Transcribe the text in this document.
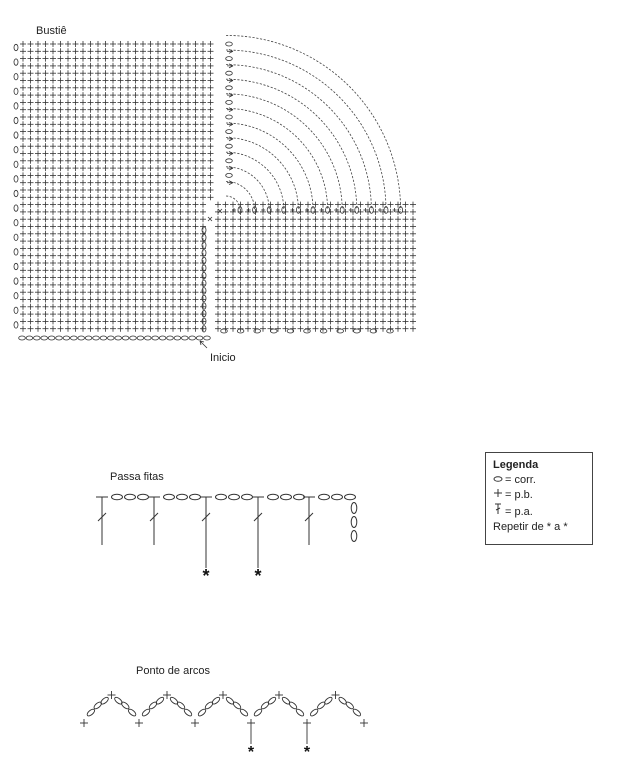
Bustiê
Inicio
Passa fitas
* *
Legenda
= corr.
= p.b.
= p.a.
Repetir de * a *
Ponto de arcos
*	*
